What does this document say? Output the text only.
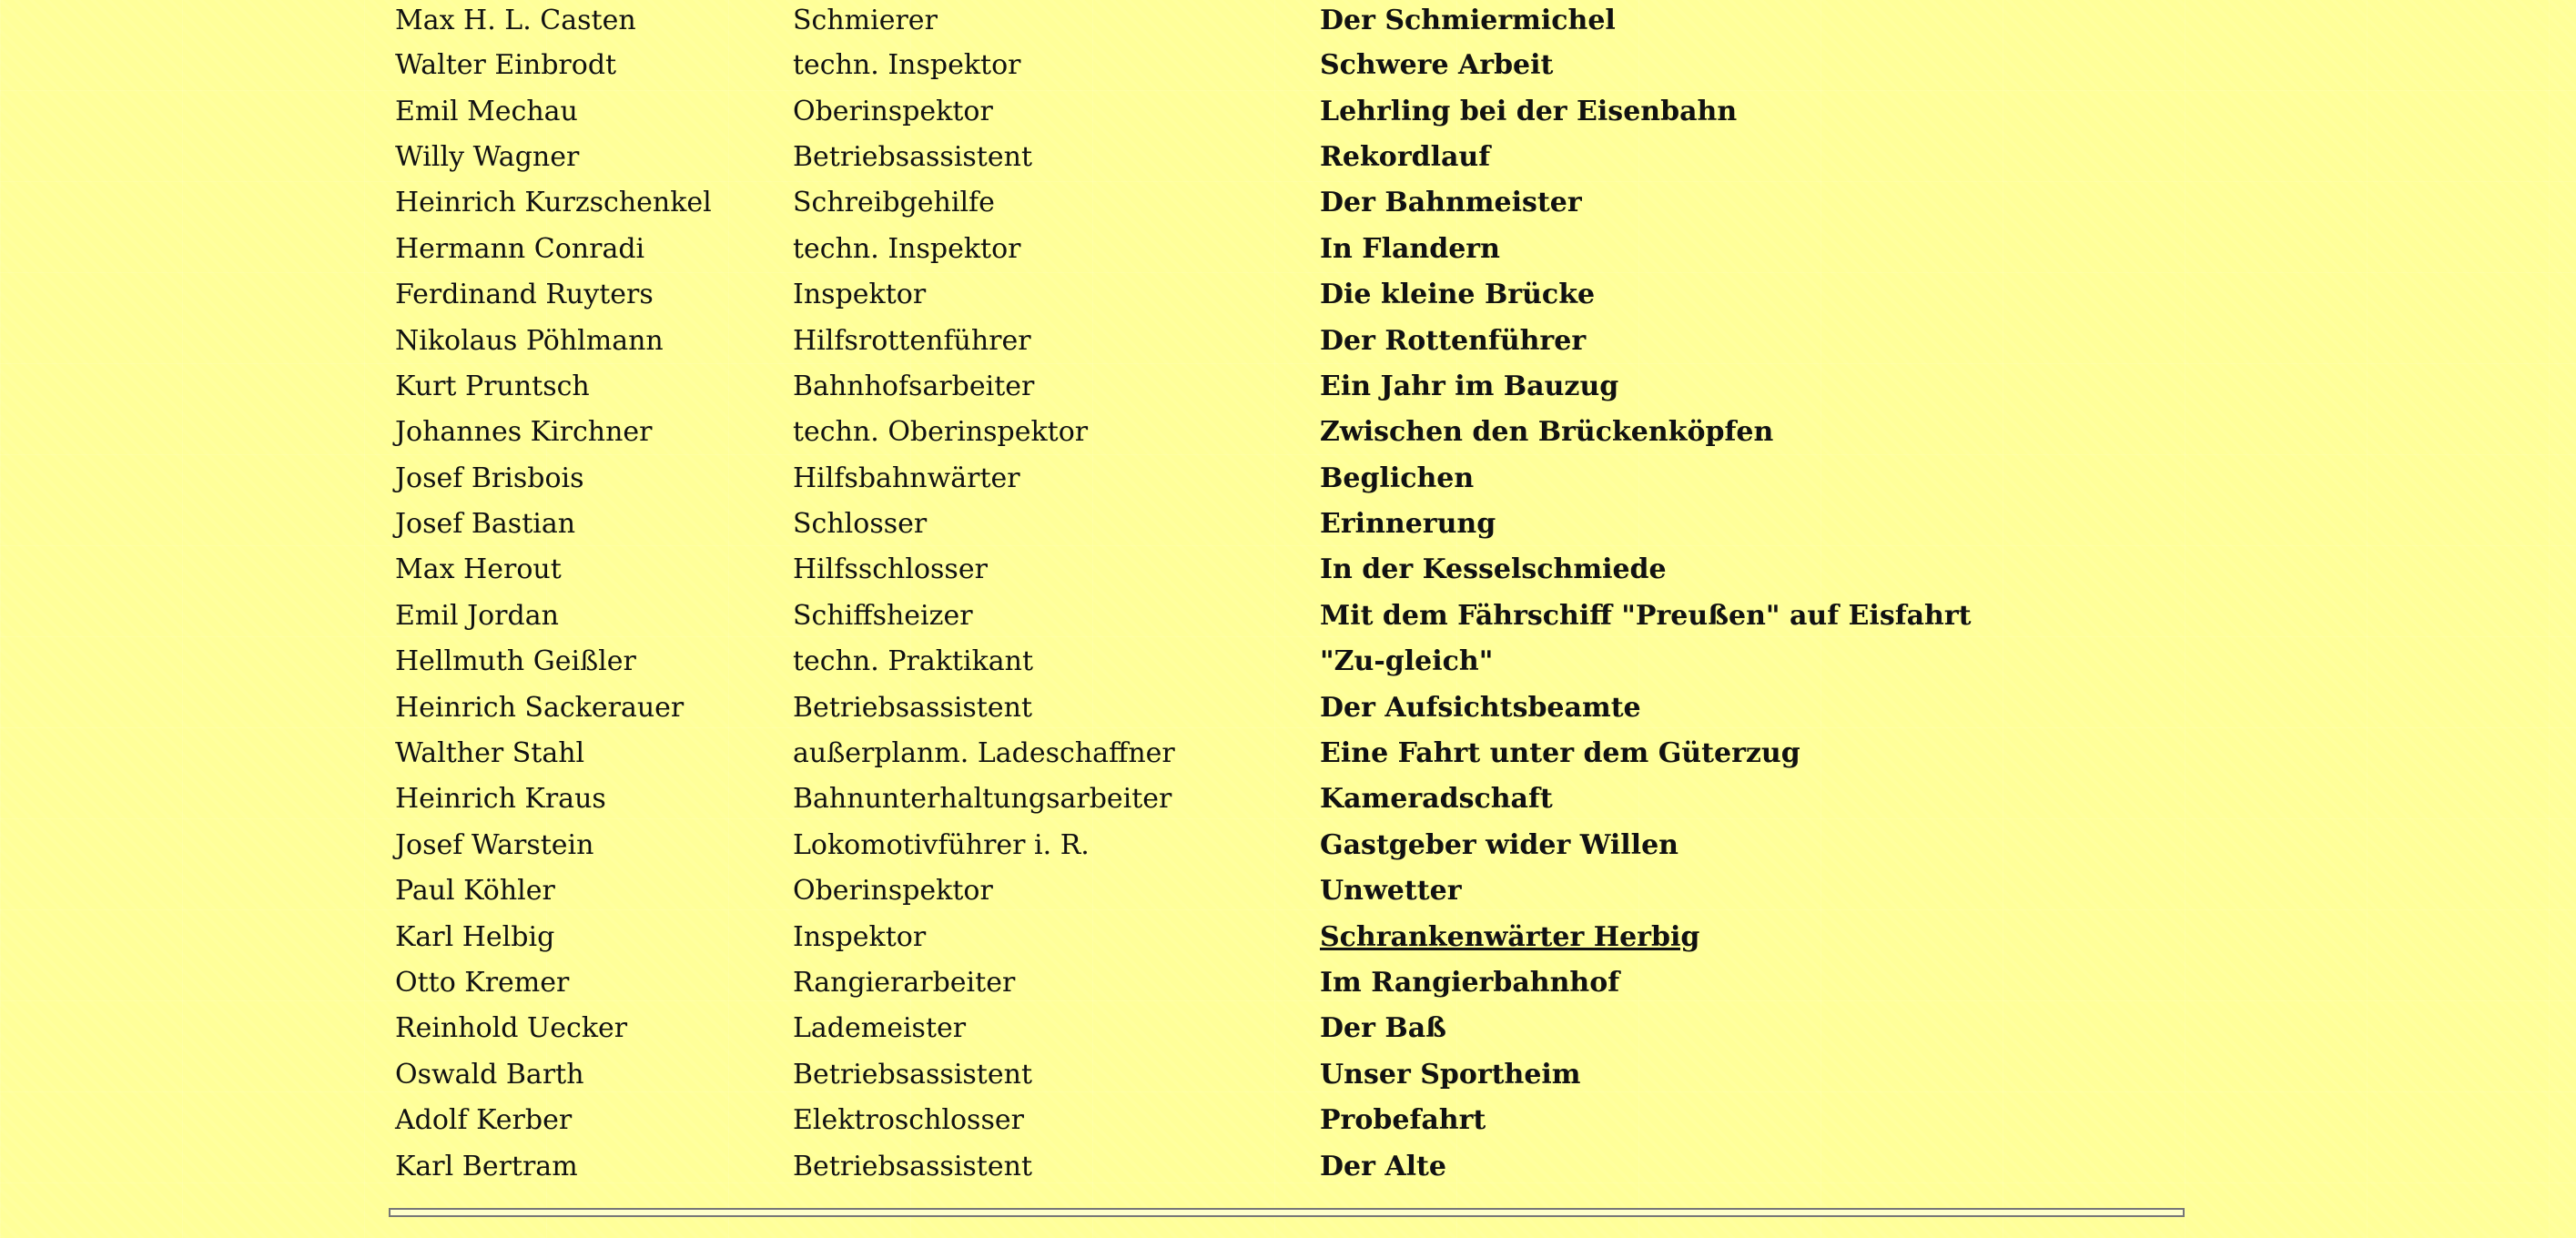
Max H. L. Casten	Schmierer	Der Schmiermichel
Walter Einbrodt	techn. Inspektor	Schwere Arbeit
Emil Mechau	Oberinspektor	Lehrling bei der Eisenbahn
Willy Wagner	Betriebsassistent	Rekordlauf
Heinrich Kurzschenkel	Schreibgehilfe	Der Bahnmeister
Hermann Conradi	techn. Inspektor	In Flandern
Ferdinand Ruyters	Inspektor	Die kleine Brücke
Nikolaus Pöhlmann	Hilfsrottenführer	Der Rottenführer
Kurt Pruntsch	Bahnhofsarbeiter	Ein Jahr im Bauzug
Johannes Kirchner	techn. Oberinspektor	Zwischen den Brückenköpfen
Josef Brisbois	Hilfsbahnwärter	Beglichen
Josef Bastian	Schlosser	Erinnerung
Max Herout	Hilfsschlosser	In der Kesselschmiede
Emil Jordan	Schiffsheizer	Mit dem Fährschiff "Preußen" auf Eisfahrt
Hellmuth Geißler	techn. Praktikant	"Zu-gleich"
Heinrich Sackerauer	Betriebsassistent	Der Aufsichtsbeamte
Walther Stahl	außerplanm. Ladeschaffner	Eine Fahrt unter dem Güterzug
Heinrich Kraus	Bahnunterhaltungsarbeiter	Kameradschaft
Josef Warstein	Lokomotivführer i. R.	Gastgeber wider Willen
Paul Köhler	Oberinspektor	Unwetter
Karl Helbig	Inspektor	Schrankenwärter Herbig
Otto Kremer	Rangierarbeiter	Im Rangierbahnhof
Reinhold Uecker	Lademeister	Der Baß
Oswald Barth	Betriebsassistent	Unser Sportheim
Adolf Kerber	Elektroschlosser	Probefahrt
Karl Bertram	Betriebsassistent	Der Alte
